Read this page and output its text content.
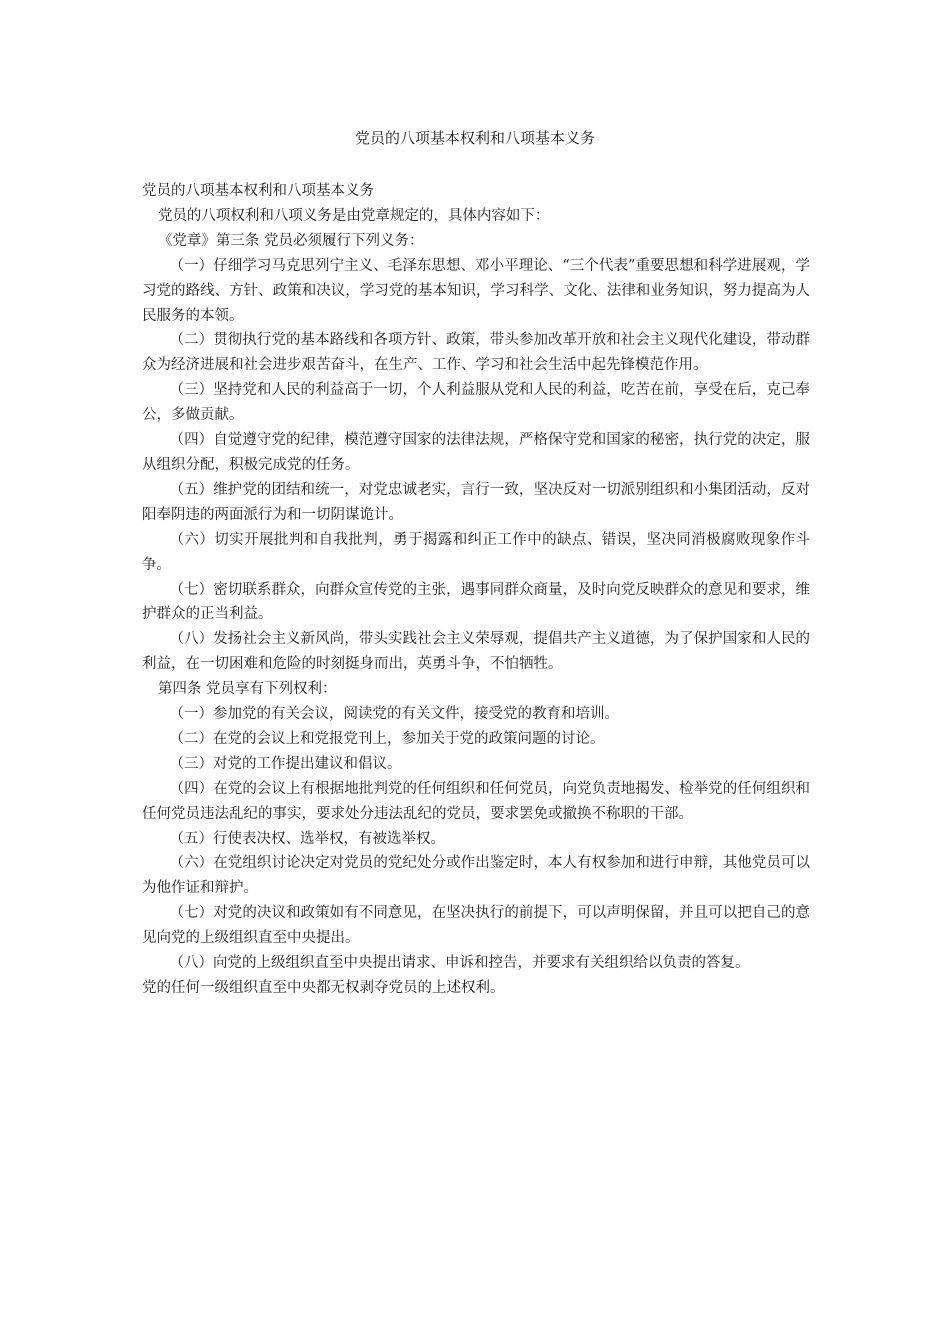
党员的八项基本权利和八项基本义务

党员的八项基本权利和八项基本义务

党员的八项权利和八项义务是由党章规定的，具体内容如下：

《党章》第三条 党员必须履行下列义务：

（一）仔细学习马克思列宁主义、毛泽东思想、邓小平理论、“三个代表”重要思想和科学进展观，学习党的路线、方针、政策和决议，学习党的基本知识，学习科学、文化、法律和业务知识，努力提高为人民服务的本领。

（二）贯彻执行党的基本路线和各项方针、政策，带头参加改革开放和社会主义现代化建设，带动群众为经济进展和社会进步艰苦奋斗，在生产、工作、学习和社会生活中起先锋模范作用。

（三）坚持党和人民的利益高于一切，个人利益服从党和人民的利益，吃苦在前，享受在后，克己奉公，多做贡献。

（四）自觉遵守党的纪律，模范遵守国家的法律法规，严格保守党和国家的秘密，执行党的决定，服从组织分配，积极完成党的任务。

（五）维护党的团结和统一，对党忠诚老实，言行一致，坚决反对一切派别组织和小集团活动，反对阳奉阴违的两面派行为和一切阴谋诡计。

（六）切实开展批判和自我批判，勇于揭露和纠正工作中的缺点、错误，坚决同消极腐败现象作斗争。

（七）密切联系群众，向群众宣传党的主张，遇事同群众商量，及时向党反映群众的意见和要求，维护群众的正当利益。

（八）发扬社会主义新风尚，带头实践社会主义荣辱观，提倡共产主义道德，为了保护国家和人民的利益，在一切困难和危险的时刻挺身而出，英勇斗争，不怕牺牲。

第四条 党员享有下列权利：

（一）参加党的有关会议，阅读党的有关文件，接受党的教育和培训。

（二）在党的会议上和党报党刊上，参加关于党的政策问题的讨论。

（三）对党的工作提出建议和倡议。

（四）在党的会议上有根据地批判党的任何组织和任何党员，向党负责地揭发、检举党的任何组织和任何党员违法乱纪的事实，要求处分违法乱纪的党员，要求罢免或撤换不称职的干部。

（五）行使表决权、选举权，有被选举权。

（六）在党组织讨论决定对党员的党纪处分或作出鉴定时，本人有权参加和进行申辩，其他党员可以为他作证和辩护。

（七）对党的决议和政策如有不同意见，在坚决执行的前提下，可以声明保留，并且可以把自己的意见向党的上级组织直至中央提出。

（八）向党的上级组织直至中央提出请求、申诉和控告，并要求有关组织给以负责的答复。

党的任何一级组织直至中央都无权剥夺党员的上述权利。
